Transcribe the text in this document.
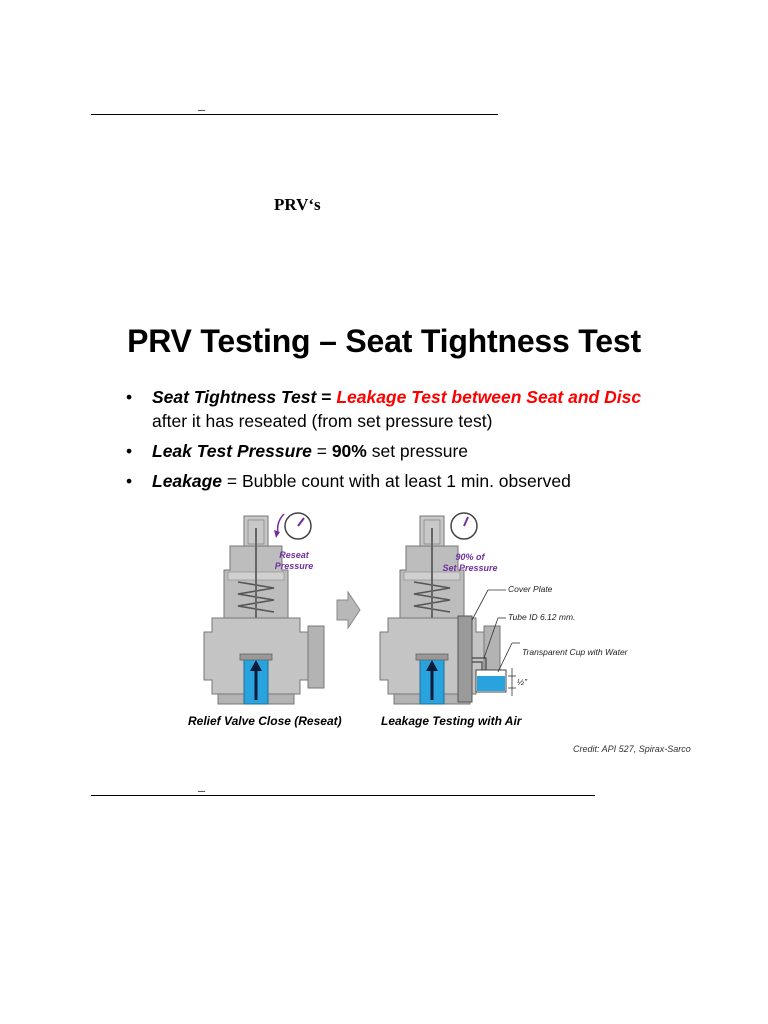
_
PRV‘s
PRV Testing – Seat Tightness Test
• Seat Tightness Test = Leakage Test between Seat and Disc
after it has reseated (from set pressure test)
• Leak Test Pressure = 90% set pressure
• Leakage = Bubble count with at least 1 min. observed
Reseat
Pressure
90% of
Set Pressure
Cover Plate
Tube ID 6.12 mm.
Transparent Cup with Water
½”
Relief Valve Close (Reseat)	Leakage Testing with Air
Credit: API 527, Spirax-Sarco
_
